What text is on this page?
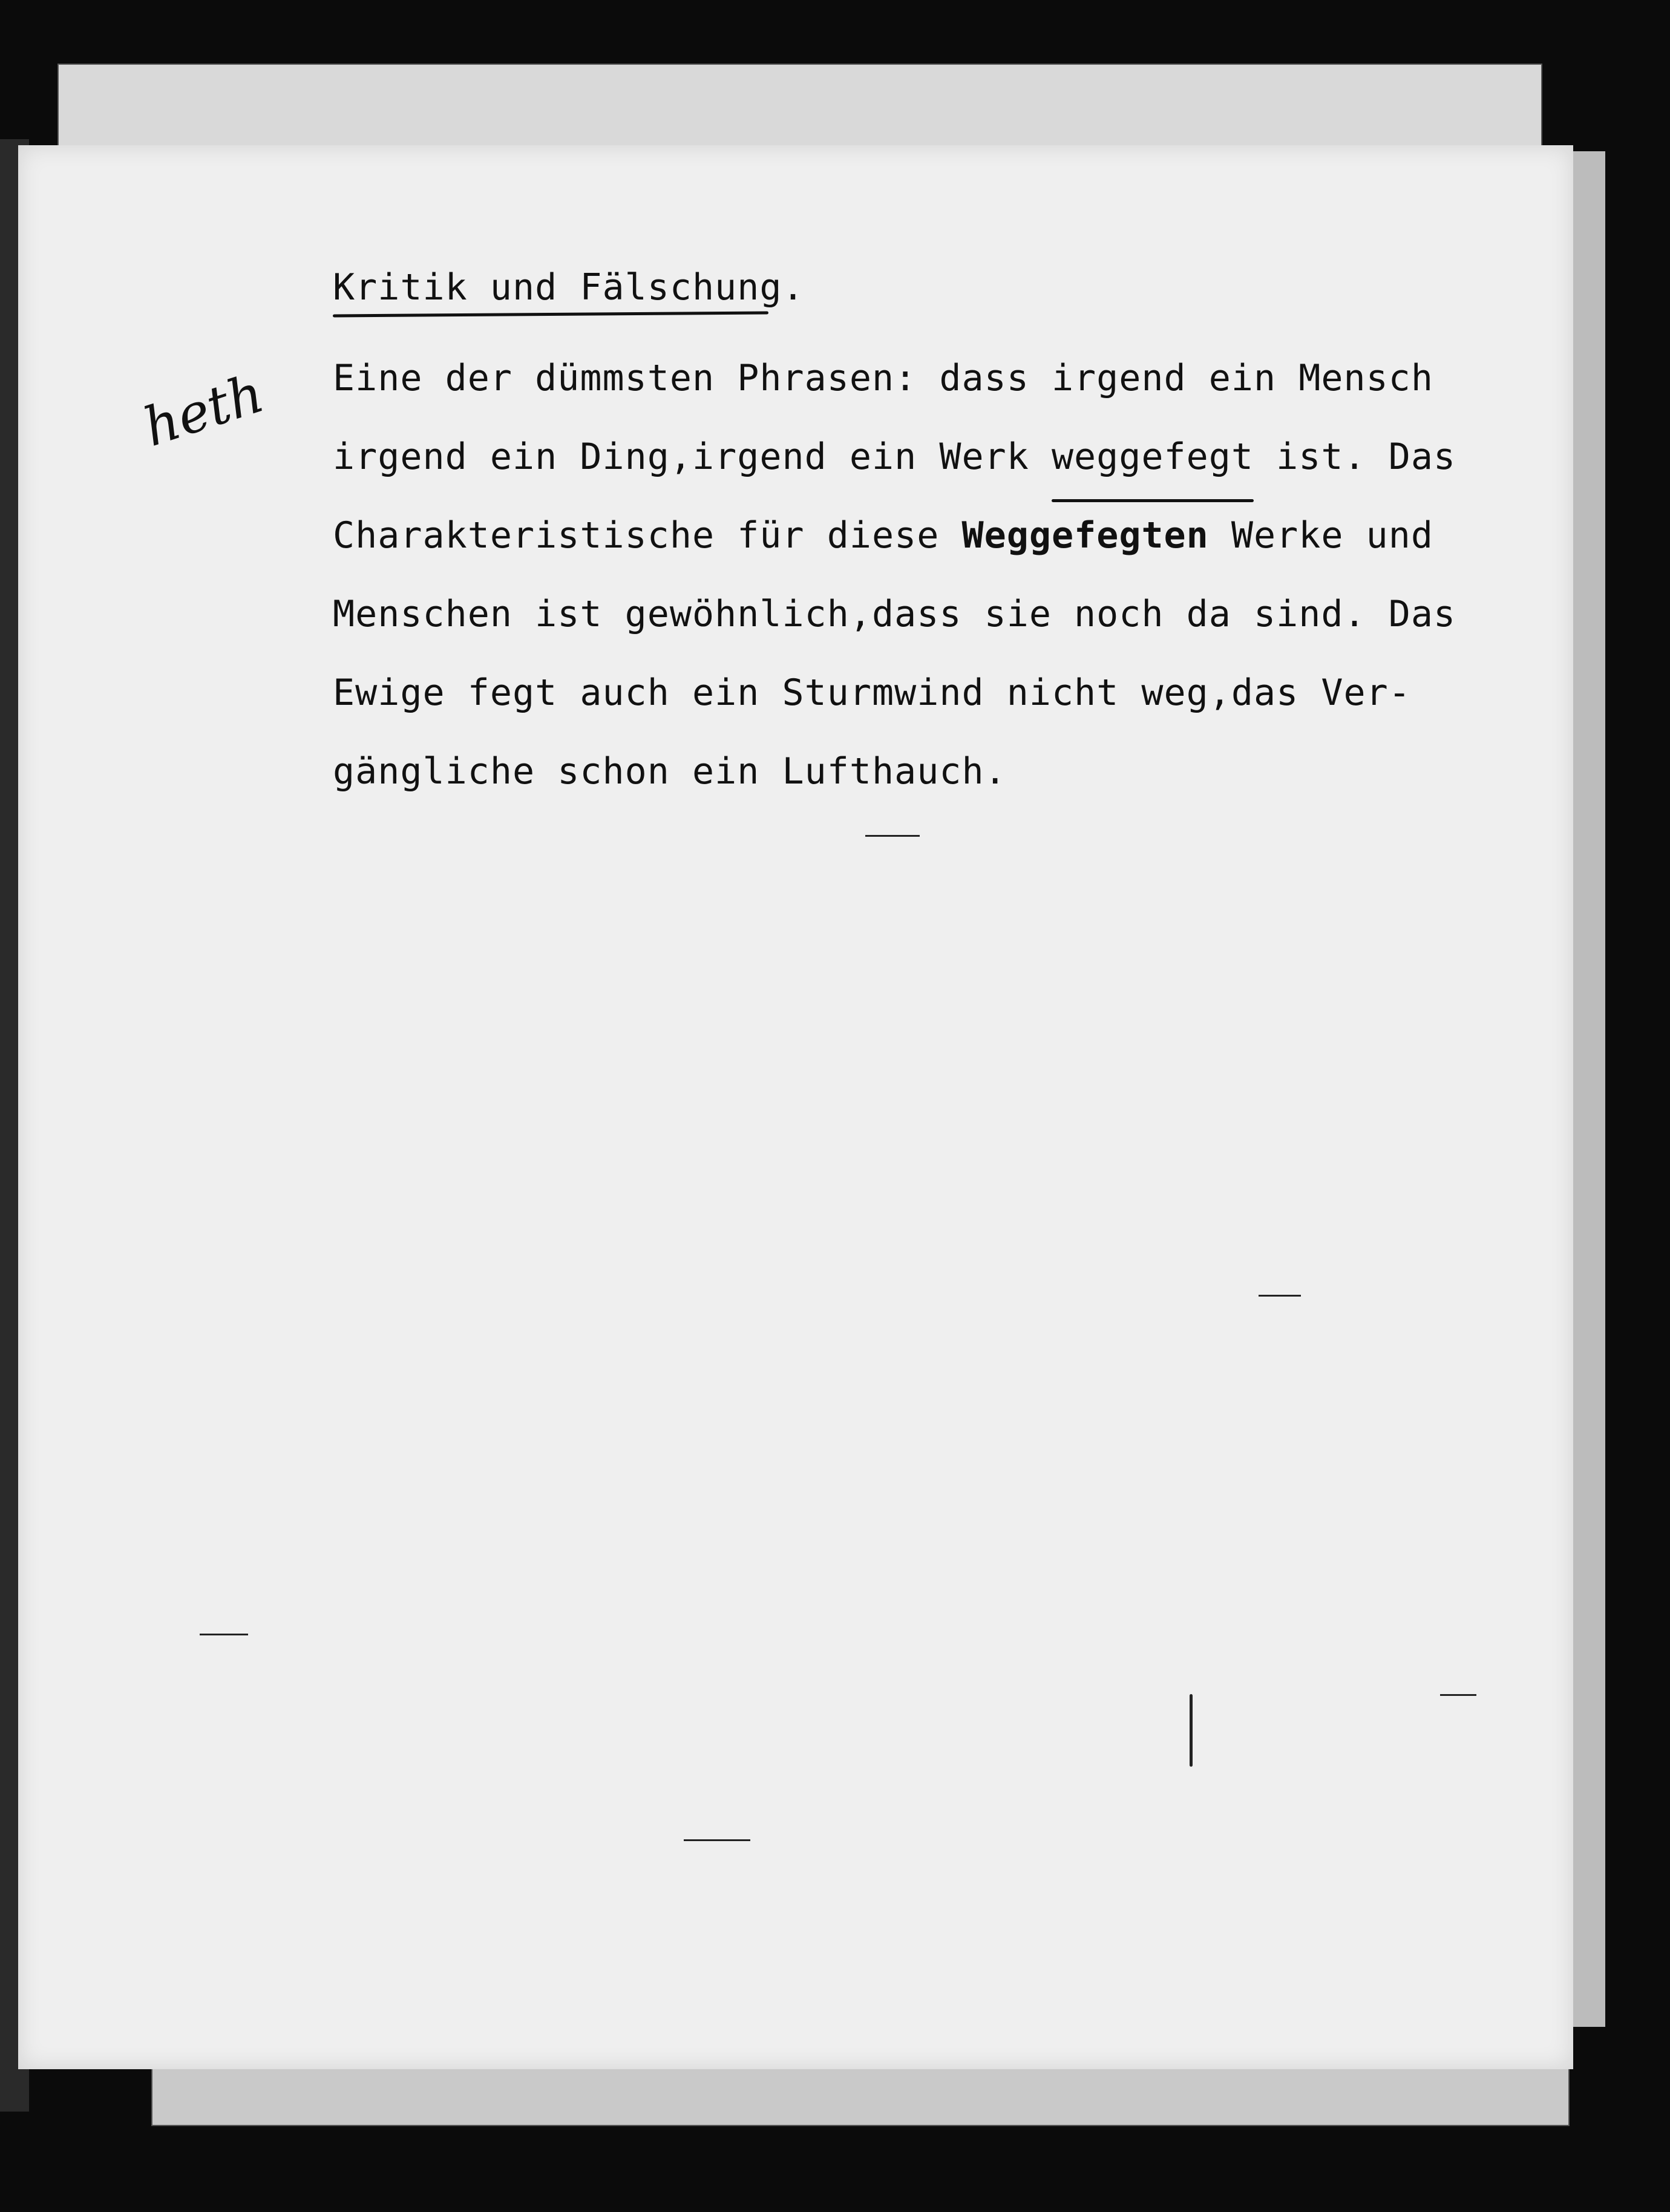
heth
Kritik und Fälschung.
Eine der dümmsten Phrasen: dass irgend ein Mensch
irgend ein Ding,irgend ein Werk weggefegt ist. Das
Charakteristische für diese Weggefegten Werke und
Menschen ist gewöhnlich,dass sie noch da sind. Das
Ewige fegt auch ein Sturmwind nicht weg,das Ver-
gängliche schon ein Lufthauch.
